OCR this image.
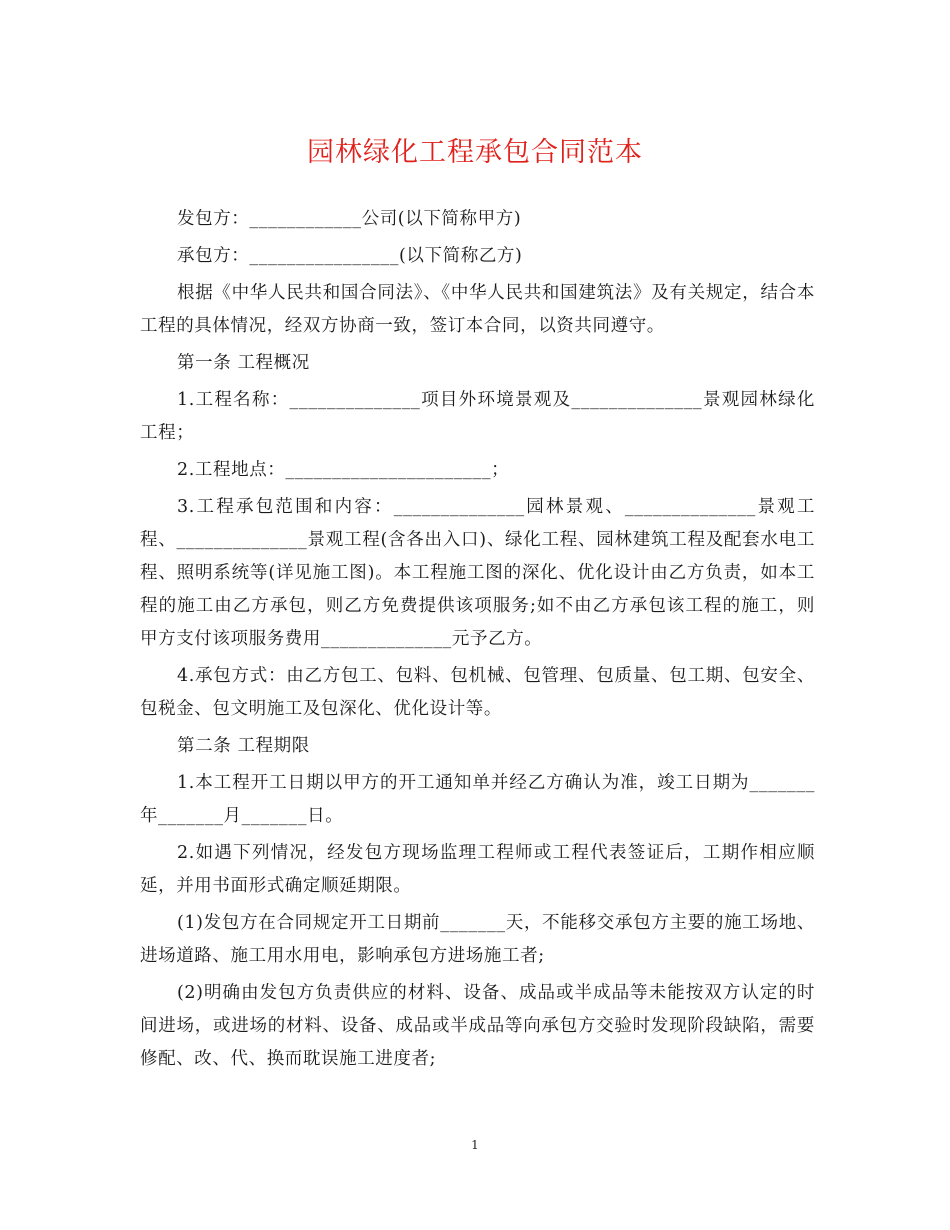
园林绿化工程承包合同范本

发包方：____________公司(以下简称甲方)

承包方：________________(以下简称乙方)

根据《中华人民共和国合同法》、《中华人民共和国建筑法》及有关规定，结合本工程的具体情况，经双方协商一致，签订本合同，以资共同遵守。

第一条 工程概况

1.工程名称：______________项目外环境景观及______________景观园林绿化工程；

2.工程地点：______________________；

3.工程承包范围和内容：______________园林景观、______________景观工程、______________景观工程(含各出入口)、绿化工程、园林建筑工程及配套水电工程、照明系统等(详见施工图)。本工程施工图的深化、优化设计由乙方负责，如本工程的施工由乙方承包，则乙方免费提供该项服务;如不由乙方承包该工程的施工，则甲方支付该项服务费用______________元予乙方。

4.承包方式：由乙方包工、包料、包机械、包管理、包质量、包工期、包安全、包税金、包文明施工及包深化、优化设计等。

第二条 工程期限

1.本工程开工日期以甲方的开工通知单并经乙方确认为准，竣工日期为_______年_______月_______日。

2.如遇下列情况，经发包方现场监理工程师或工程代表签证后，工期作相应顺延，并用书面形式确定顺延期限。

(1)发包方在合同规定开工日期前_______天，不能移交承包方主要的施工场地、进场道路、施工用水用电，影响承包方进场施工者;

(2)明确由发包方负责供应的材料、设备、成品或半成品等未能按双方认定的时间进场，或进场的材料、设备、成品或半成品等向承包方交验时发现阶段缺陷，需要修配、改、代、换而耽误施工进度者;

1
